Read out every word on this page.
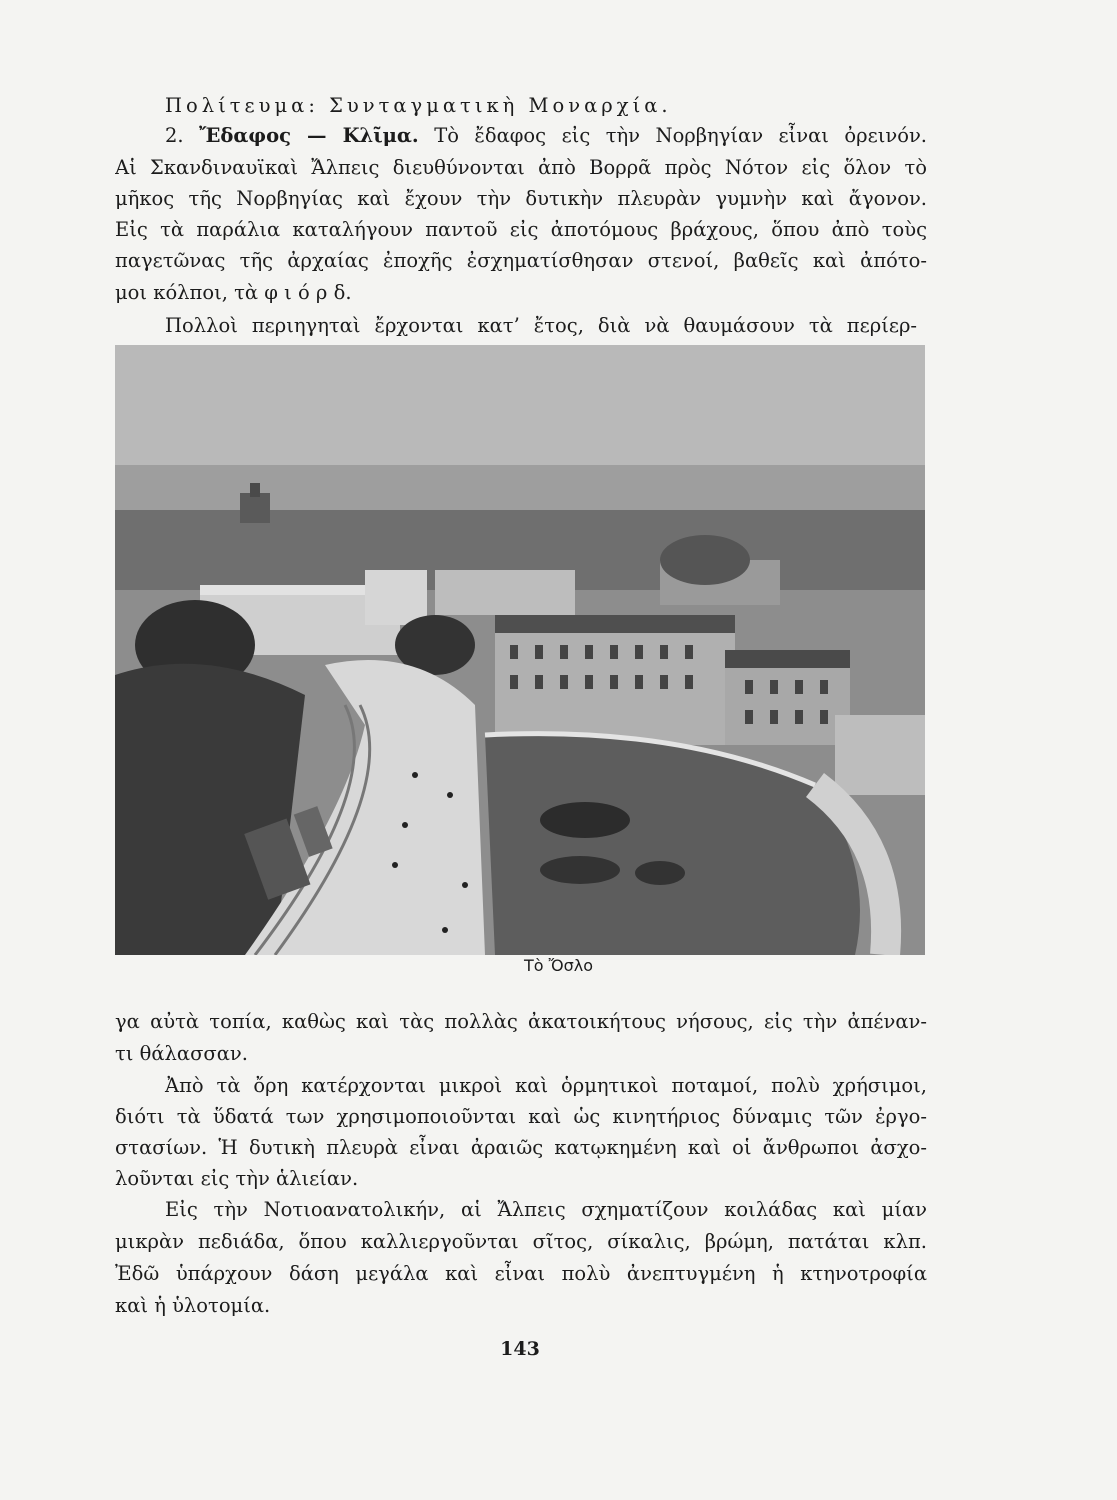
Πολίτευμα: Συνταγματικὴ Μοναρχία.
2. Ἔδαφος — Κλῖμα. Τὸ ἔδαφος εἰς τὴν Νορβηγίαν εἶναι ὀρεινόν.
Αἱ Σκανδιναυϊκαὶ Ἄλπεις διευθύνονται ἀπὸ Βορρᾶ πρὸς Νότον εἰς ὅλον τὸ
μῆκος τῆς Νορβηγίας καὶ ἔχουν τὴν δυτικὴν πλευρὰν γυμνὴν καὶ ἄγονον.
Εἰς τὰ παράλια καταλήγουν παντοῦ εἰς ἀποτόμους βράχους, ὅπου ἀπὸ τοὺς
παγετῶνας τῆς ἀρχαίας ἐποχῆς ἐσχηματίσθησαν στενοί, βαθεῖς καὶ ἀπότο-
μοι κόλποι, τὰ φ ι ό ρ δ.
Πολλοὶ περιηγηταὶ ἔρχονται κατ’ ἔτος, διὰ νὰ θαυμάσουν τὰ περίερ-
Τὸ Ὄσλο
γα αὐτὰ τοπία, καθὼς καὶ τὰς πολλὰς ἀκατοικήτους νήσους, εἰς τὴν ἀπέναν-
τι θάλασσαν.
Ἀπὸ τὰ ὄρη κατέρχονται μικροὶ καὶ ὁρμητικοὶ ποταμοί, πολὺ χρήσιμοι,
διότι τὰ ὕδατά των χρησιμοποιοῦνται καὶ ὡς κινητήριος δύναμις τῶν ἐργο-
στασίων. Ἡ δυτικὴ πλευρὰ εἶναι ἀραιῶς κατῳκημένη καὶ οἱ ἄνθρωποι ἀσχο-
λοῦνται εἰς τὴν ἁλιείαν.
Εἰς τὴν Νοτιοανατολικήν, αἱ Ἄλπεις σχηματίζουν κοιλάδας καὶ μίαν
μικρὰν πεδιάδα, ὅπου καλλιεργοῦνται σῖτος, σίκαλις, βρώμη, πατάται κλπ.
Ἐδῶ ὑπάρχουν δάση μεγάλα καὶ εἶναι πολὺ ἀνεπτυγμένη ἡ κτηνοτροφία
καὶ ἡ ὑλοτομία.
143
